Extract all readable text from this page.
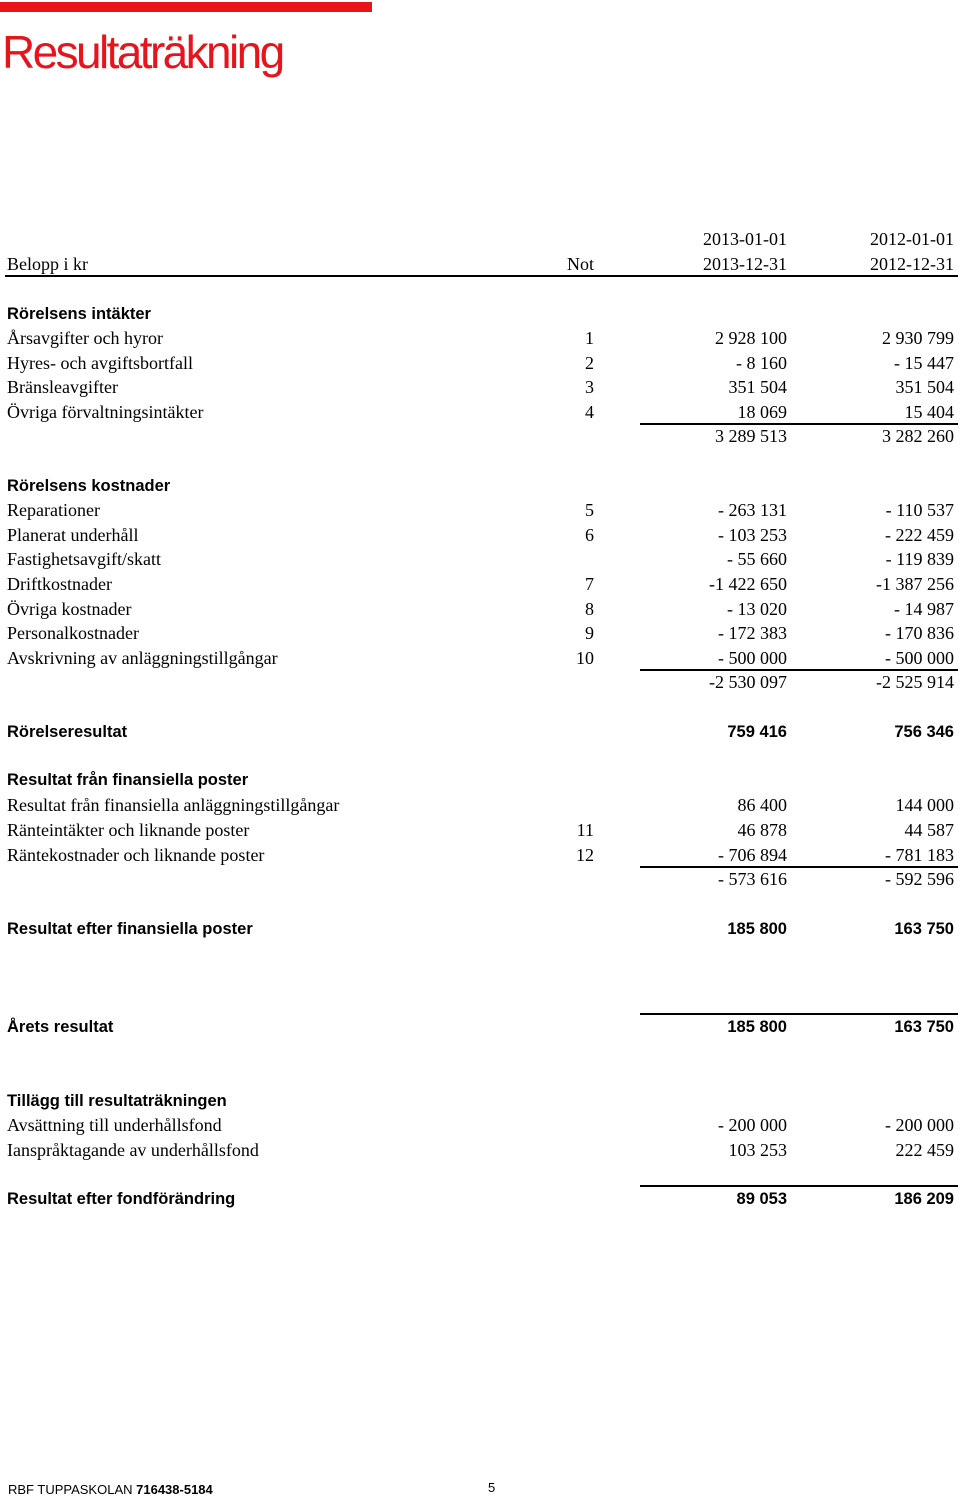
Resultaträkning
2013-01-01	2012-01-01
Belopp i kr	Not	2013-12-31	2012-12-31
Rörelsens intäkter
Årsavgifter och hyror	1	2 928 100	2 930 799
Hyres- och avgiftsbortfall	2	- 8 160	- 15 447
Bränsleavgifter	3	351 504	351 504
Övriga förvaltningsintäkter	4	18 069	15 404
3 289 513	3 282 260
Rörelsens kostnader
Reparationer	5	- 263 131	- 110 537
Planerat underhåll	6	- 103 253	- 222 459
Fastighetsavgift/skatt	- 55 660	- 119 839
Driftkostnader	7	-1 422 650	-1 387 256
Övriga kostnader	8	- 13 020	- 14 987
Personalkostnader	9	- 172 383	- 170 836
Avskrivning av anläggningstillgångar	10	- 500 000	- 500 000
-2 530 097	-2 525 914
Rörelseresultat	759 416	756 346
Resultat från finansiella poster
Resultat från finansiella anläggningstillgångar	86 400	144 000
Ränteintäkter och liknande poster	11	46 878	44 587
Räntekostnader och liknande poster	12	- 706 894	- 781 183
- 573 616	- 592 596
Resultat efter finansiella poster	185 800	163 750
Årets resultat	185 800	163 750
Tillägg till resultaträkningen
Avsättning till underhållsfond	- 200 000	- 200 000
Ianspråktagande av underhållsfond	103 253	222 459
Resultat efter fondförändring	89 053	186 209
RBF TUPPASKOLAN 716438-5184	5
